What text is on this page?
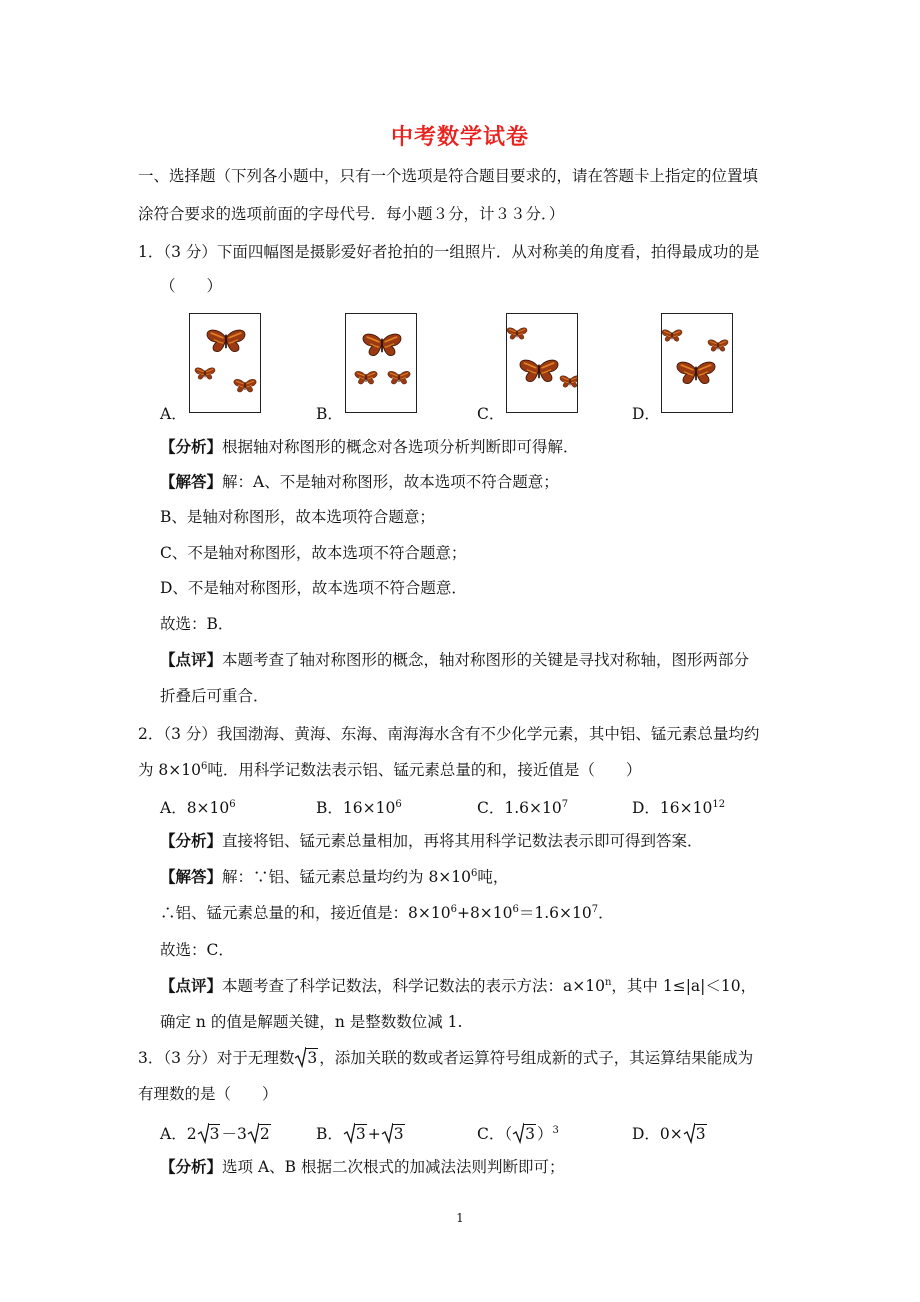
中考数学试卷
一、选择题（下列各小题中，只有一个选项是符合题目要求的，请在答题卡上指定的位置填
涂符合要求的选项前面的字母代号．每小题３分，计３３分．）
1．（3 分）下面四幅图是摄影爱好者抢拍的一组照片．从对称美的角度看，拍得最成功的是
（　　）
A．	B．	C．	D．
【分析】根据轴对称图形的概念对各选项分析判断即可得解．
【解答】解：A、不是轴对称图形，故本选项不符合题意；
B、是轴对称图形，故本选项符合题意；
C、不是轴对称图形，故本选项不符合题意；
D、不是轴对称图形，故本选项不符合题意．
故选：B．
【点评】本题考查了轴对称图形的概念，轴对称图形的关键是寻找对称轴，图形两部分
折叠后可重合．
2．（3 分）我国渤海、黄海、东海、南海海水含有不少化学元素，其中铝、锰元素总量均约
为 $8\times 10^6$吨．用科学记数法表示铝、锰元素总量的和，接近值是（　　）
A．$8\times 10^6$	B．$16\times 10^6$	C．$1.6\times 10^7$	D．$16\times 10^{12}$
【分析】直接将铝、锰元素总量相加，再将其用科学记数法表示即可得到答案．
【解答】解：∵铝、锰元素总量均约为 $8\times 10^6$吨，
∴铝、锰元素总量的和，接近值是：$8\times 10^6+8\times 10^6=1.6\times 10^7$．
故选：C．
【点评】本题考查了科学记数法，科学记数法的表示方法：$a\times 10^n$，其中 1≤|a|＜10，
确定 n 的值是解题关键，n 是整数数位减 1.
3．（3 分）对于无理数 3 ，添加关联的数或者运算符号组成新的式子，其运算结果能成为
有理数的是（　　）
A．2 3 －3 2	B． 3 + 3	C．（ 3 ）$^3$	D．0× 3
【分析】选项 A、B 根据二次根式的加减法法则判断即可；
1
